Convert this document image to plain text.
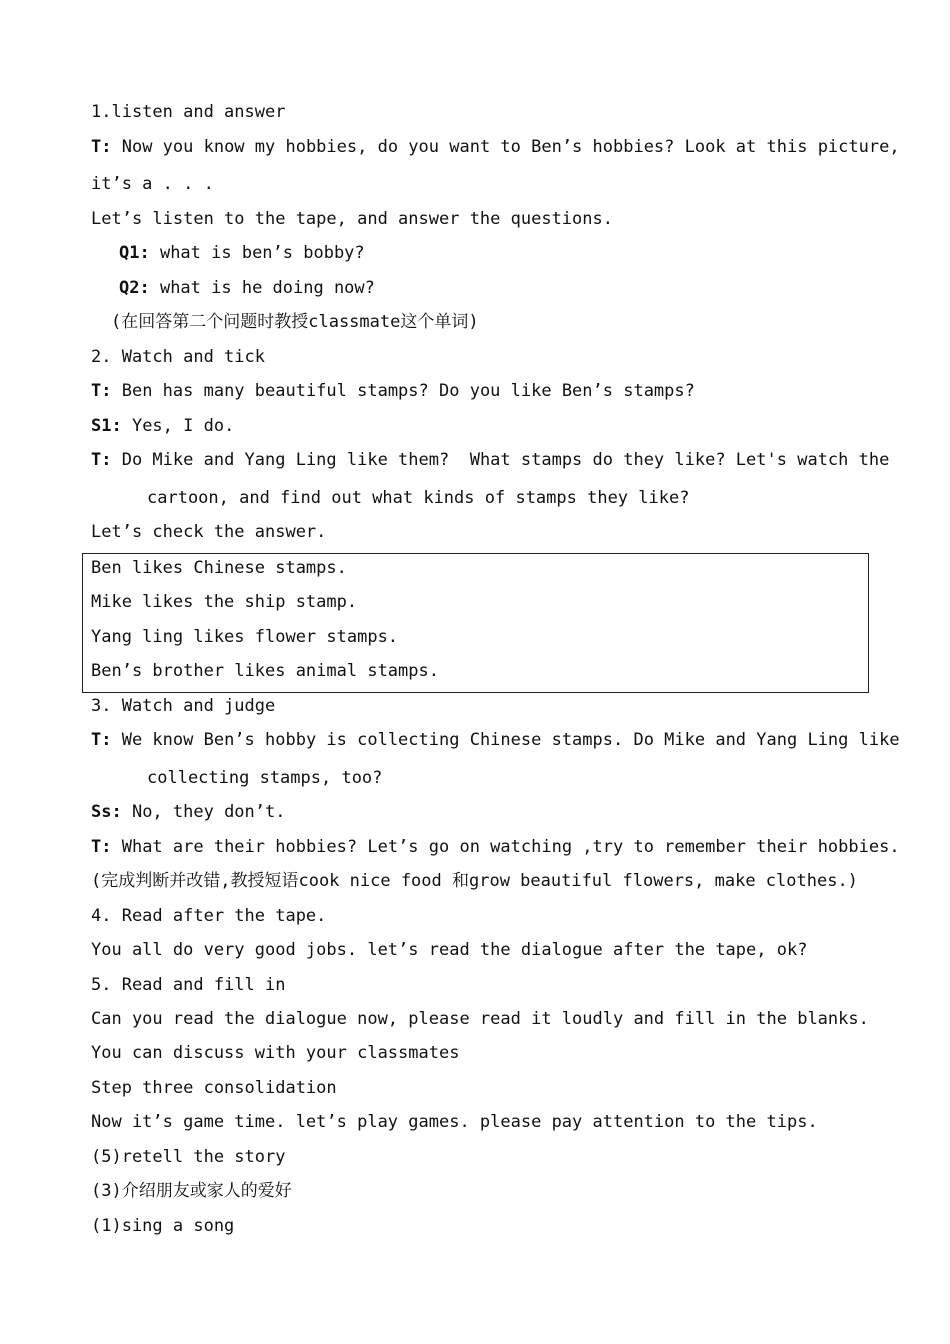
1.listen and answer
T: Now you know my hobbies, do you want to Ben’s hobbies? Look at this picture,
it’s a . . .
Let’s listen to the tape, and answer the questions.
Q1: what is ben’s bobby?
Q2: what is he doing now?
(在回答第二个问题时教授classmate这个单词)
2. Watch and tick
T: Ben has many beautiful stamps? Do you like Ben’s stamps?
S1: Yes, I do.
T: Do Mike and Yang Ling like them?  What stamps do they like? Let's watch the
cartoon, and find out what kinds of stamps they like?
Let’s check the answer.
Ben likes Chinese stamps.
Mike likes the ship stamp.
Yang ling likes flower stamps.
Ben’s brother likes animal stamps.
3. Watch and judge
T: We know Ben’s hobby is collecting Chinese stamps. Do Mike and Yang Ling like
collecting stamps, too?
Ss: No, they don’t.
T: What are their hobbies? Let’s go on watching ,try to remember their hobbies.
(完成判断并改错,教授短语cook nice food 和grow beautiful flowers, make clothes.)
4. Read after the tape.
You all do very good jobs. let’s read the dialogue after the tape, ok?
5. Read and fill in
Can you read the dialogue now, please read it loudly and fill in the blanks.
You can discuss with your classmates
Step three consolidation
Now it’s game time. let’s play games. please pay attention to the tips.
(5)retell the story
(3)介绍朋友或家人的爱好
(1)sing a song
